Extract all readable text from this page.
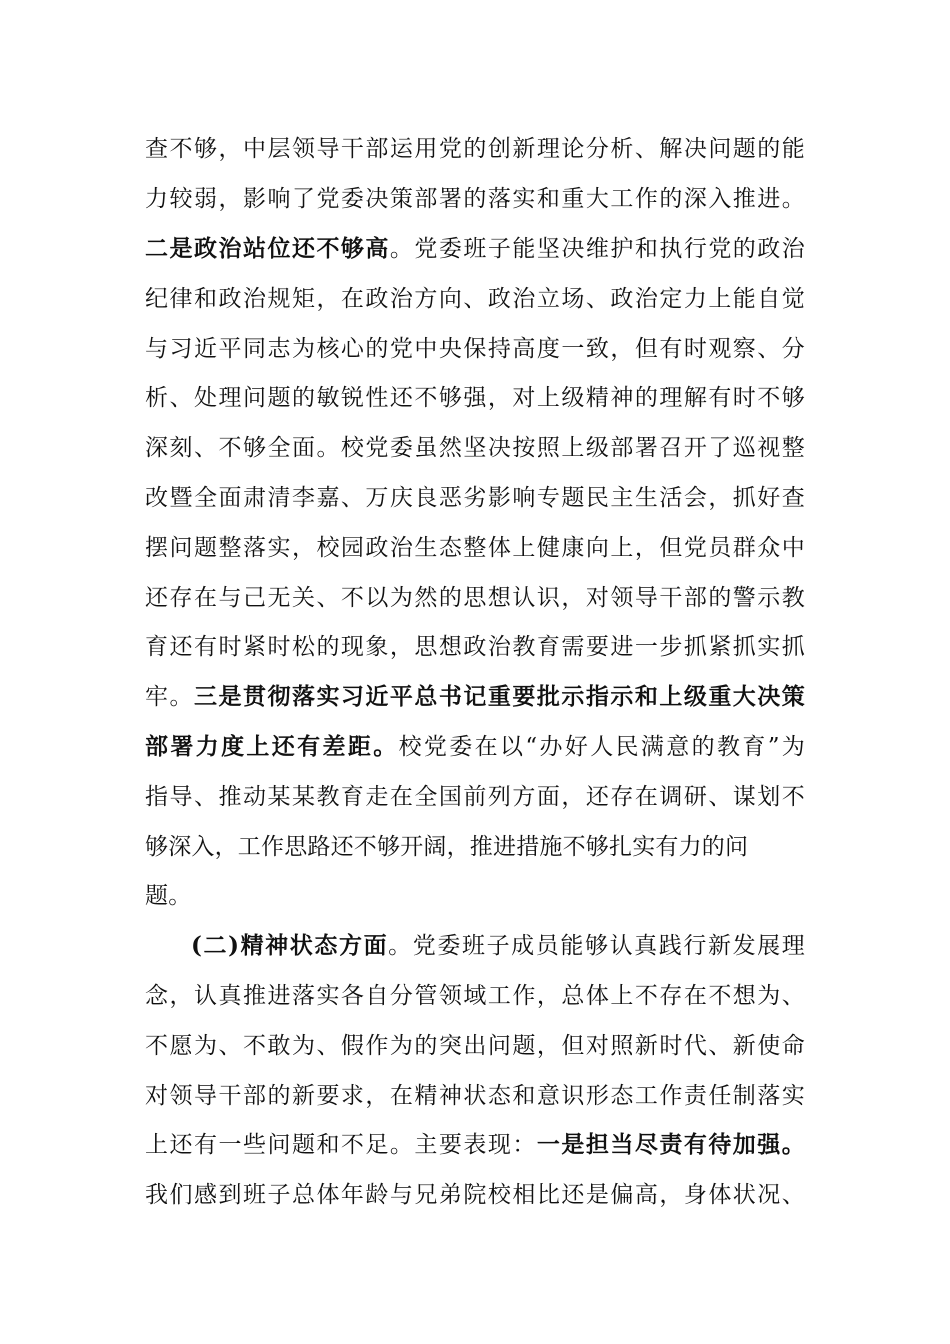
查不够，中层领导干部运用党的创新理论分析、解决问题的能
力较弱，影响了党委决策部署的落实和重大工作的深入推进。
二是政治站位还不够高。党委班子能坚决维护和执行党的政治
纪律和政治规矩，在政治方向、政治立场、政治定力上能自觉
与习近平同志为核心的党中央保持高度一致，但有时观察、分
析、处理问题的敏锐性还不够强，对上级精神的理解有时不够
深刻、不够全面。校党委虽然坚决按照上级部署召开了巡视整
改暨全面肃清李嘉、万庆良恶劣影响专题民主生活会，抓好查
摆问题整落实，校园政治生态整体上健康向上，但党员群众中
还存在与己无关、不以为然的思想认识，对领导干部的警示教
育还有时紧时松的现象，思想政治教育需要进一步抓紧抓实抓
牢。三是贯彻落实习近平总书记重要批示指示和上级重大决策
部署力度上还有差距。校党委在以“办好人民满意的教育”为
指导、推动某某教育走在全国前列方面，还存在调研、谋划不
够深入，工作思路还不够开阔，推进措施不够扎实有力的问
题。
(二)精神状态方面。党委班子成员能够认真践行新发展理
念，认真推进落实各自分管领域工作，总体上不存在不想为、
不愿为、不敢为、假作为的突出问题，但对照新时代、新使命
对领导干部的新要求，在精神状态和意识形态工作责任制落实
上还有一些问题和不足。主要表现：一是担当尽责有待加强。
我们感到班子总体年龄与兄弟院校相比还是偏高，身体状况、
